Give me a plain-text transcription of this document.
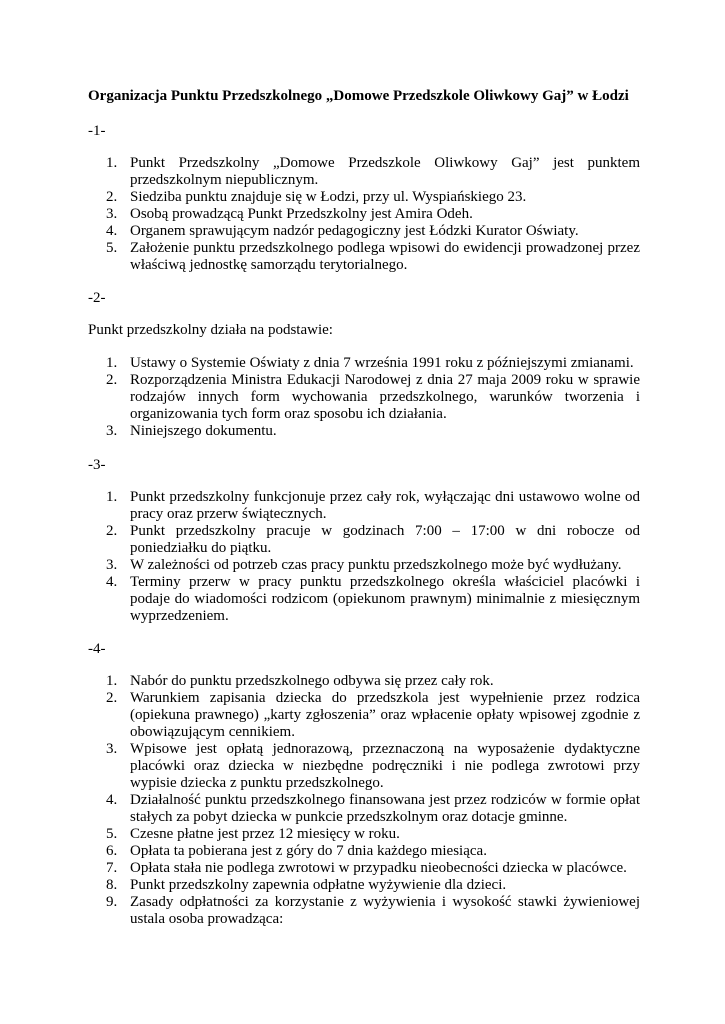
Organizacja Punktu Przedszkolnego „Domowe Przedszkole Oliwkowy Gaj” w Łodzi
-1-
1. Punkt Przedszkolny „Domowe Przedszkole Oliwkowy Gaj” jest punktem przedszkolnym niepublicznym.
2. Siedziba punktu znajduje się w Łodzi, przy ul. Wyspiańskiego 23.
3. Osobą prowadzącą Punkt Przedszkolny jest Amira Odeh.
4. Organem sprawującym nadzór pedagogiczny jest Łódzki Kurator Oświaty.
5. Założenie punktu przedszkolnego podlega wpisowi do ewidencji prowadzonej przez właściwą jednostkę samorządu terytorialnego.
-2-
Punkt przedszkolny działa na podstawie:
1. Ustawy o Systemie Oświaty z dnia 7 września 1991 roku z późniejszymi zmianami.
2. Rozporządzenia Ministra Edukacji Narodowej z dnia 27 maja 2009 roku w sprawie rodzajów innych form wychowania przedszkolnego, warunków tworzenia i organizowania tych form oraz sposobu ich działania.
3. Niniejszego dokumentu.
-3-
1. Punkt przedszkolny funkcjonuje przez cały rok, wyłączając dni ustawowo wolne od pracy oraz przerw świątecznych.
2. Punkt przedszkolny pracuje w godzinach 7:00 – 17:00 w dni robocze od poniedziałku do piątku.
3. W zależności od potrzeb czas pracy punktu przedszkolnego może być wydłużany.
4. Terminy przerw w pracy punktu przedszkolnego określa właściciel placówki i podaje do wiadomości rodzicom (opiekunom prawnym) minimalnie z miesięcznym wyprzedzeniem.
-4-
1. Nabór do punktu przedszkolnego odbywa się przez cały rok.
2. Warunkiem zapisania dziecka do przedszkola jest wypełnienie przez rodzica (opiekuna prawnego) „karty zgłoszenia” oraz wpłacenie opłaty wpisowej zgodnie z obowiązującym cennikiem.
3. Wpisowe jest opłatą jednorazową, przeznaczoną na wyposażenie dydaktyczne placówki oraz dziecka w niezbędne podręczniki i nie podlega zwrotowi przy wypisie dziecka z punktu przedszkolnego.
4. Działalność punktu przedszkolnego finansowana jest przez rodziców w formie opłat stałych za pobyt dziecka w punkcie przedszkolnym oraz dotacje gminne.
5. Czesne płatne jest przez 12 miesięcy w roku.
6. Opłata ta pobierana jest z góry do 7 dnia każdego miesiąca.
7. Opłata stała nie podlega zwrotowi w przypadku nieobecności dziecka w placówce.
8. Punkt przedszkolny zapewnia odpłatne wyżywienie dla dzieci.
9. Zasady odpłatności za korzystanie z wyżywienia i wysokość stawki żywieniowej ustala osoba prowadząca:
